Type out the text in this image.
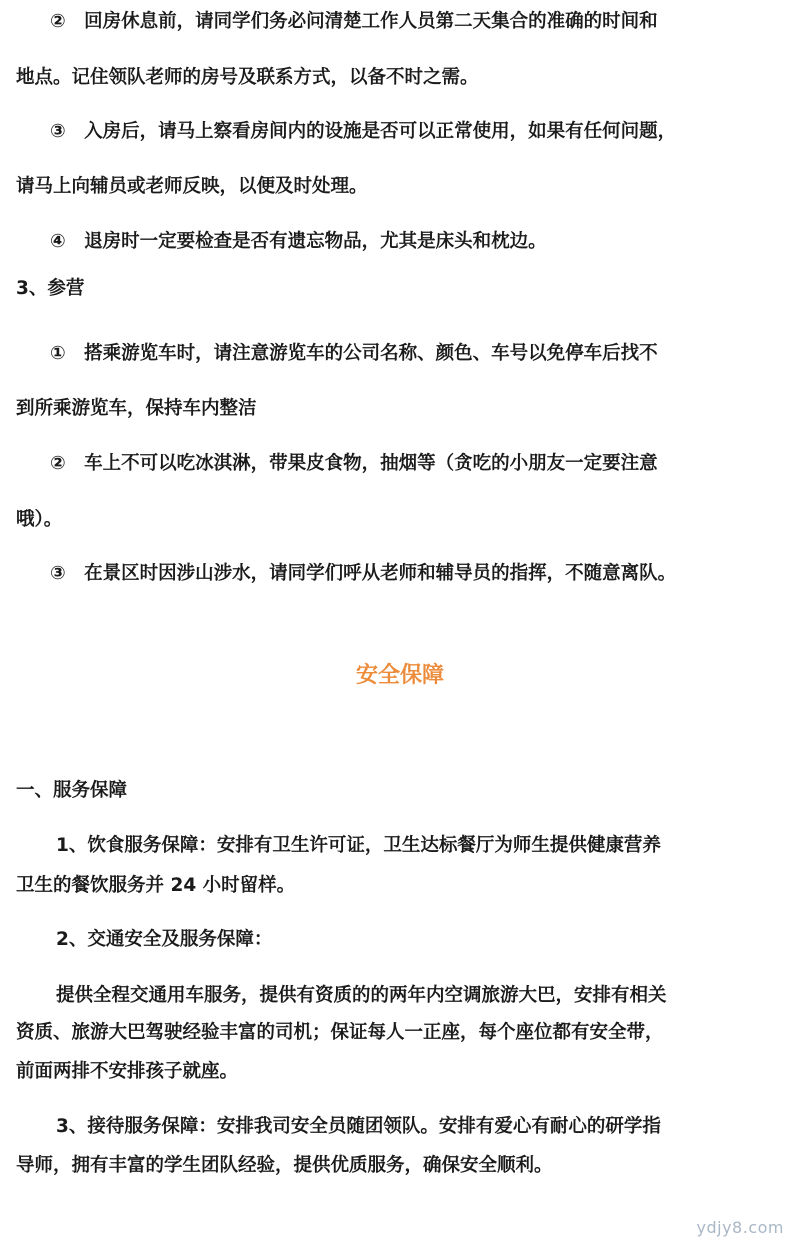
②　回房休息前，请同学们务必问清楚工作人员第二天集合的准确的时间和
地点。记住领队老师的房号及联系方式，以备不时之需。
③　入房后，请马上察看房间内的设施是否可以正常使用，如果有任何问题，
请马上向辅员或老师反映，以便及时处理。
④　退房时一定要检查是否有遗忘物品，尤其是床头和枕边。
3、参营
①　搭乘游览车时，请注意游览车的公司名称、颜色、车号以免停车后找不
到所乘游览车，保持车内整洁
②　车上不可以吃冰淇淋，带果皮食物，抽烟等（贪吃的小朋友一定要注意
哦）。
③　在景区时因涉山涉水，请同学们呼从老师和辅导员的指挥，不随意离队。
安全保障
一、服务保障
1、饮食服务保障：安排有卫生许可证，卫生达标餐厅为师生提供健康营养
卫生的餐饮服务并 24 小时留样。
2、交通安全及服务保障：
提供全程交通用车服务，提供有资质的的两年内空调旅游大巴，安排有相关
资质、旅游大巴驾驶经验丰富的司机；保证每人一正座，每个座位都有安全带，
前面两排不安排孩子就座。
3、接待服务保障：安排我司安全员随团领队。安排有爱心有耐心的研学指
导师，拥有丰富的学生团队经验，提供优质服务，确保安全顺利。
ydjy8.com
